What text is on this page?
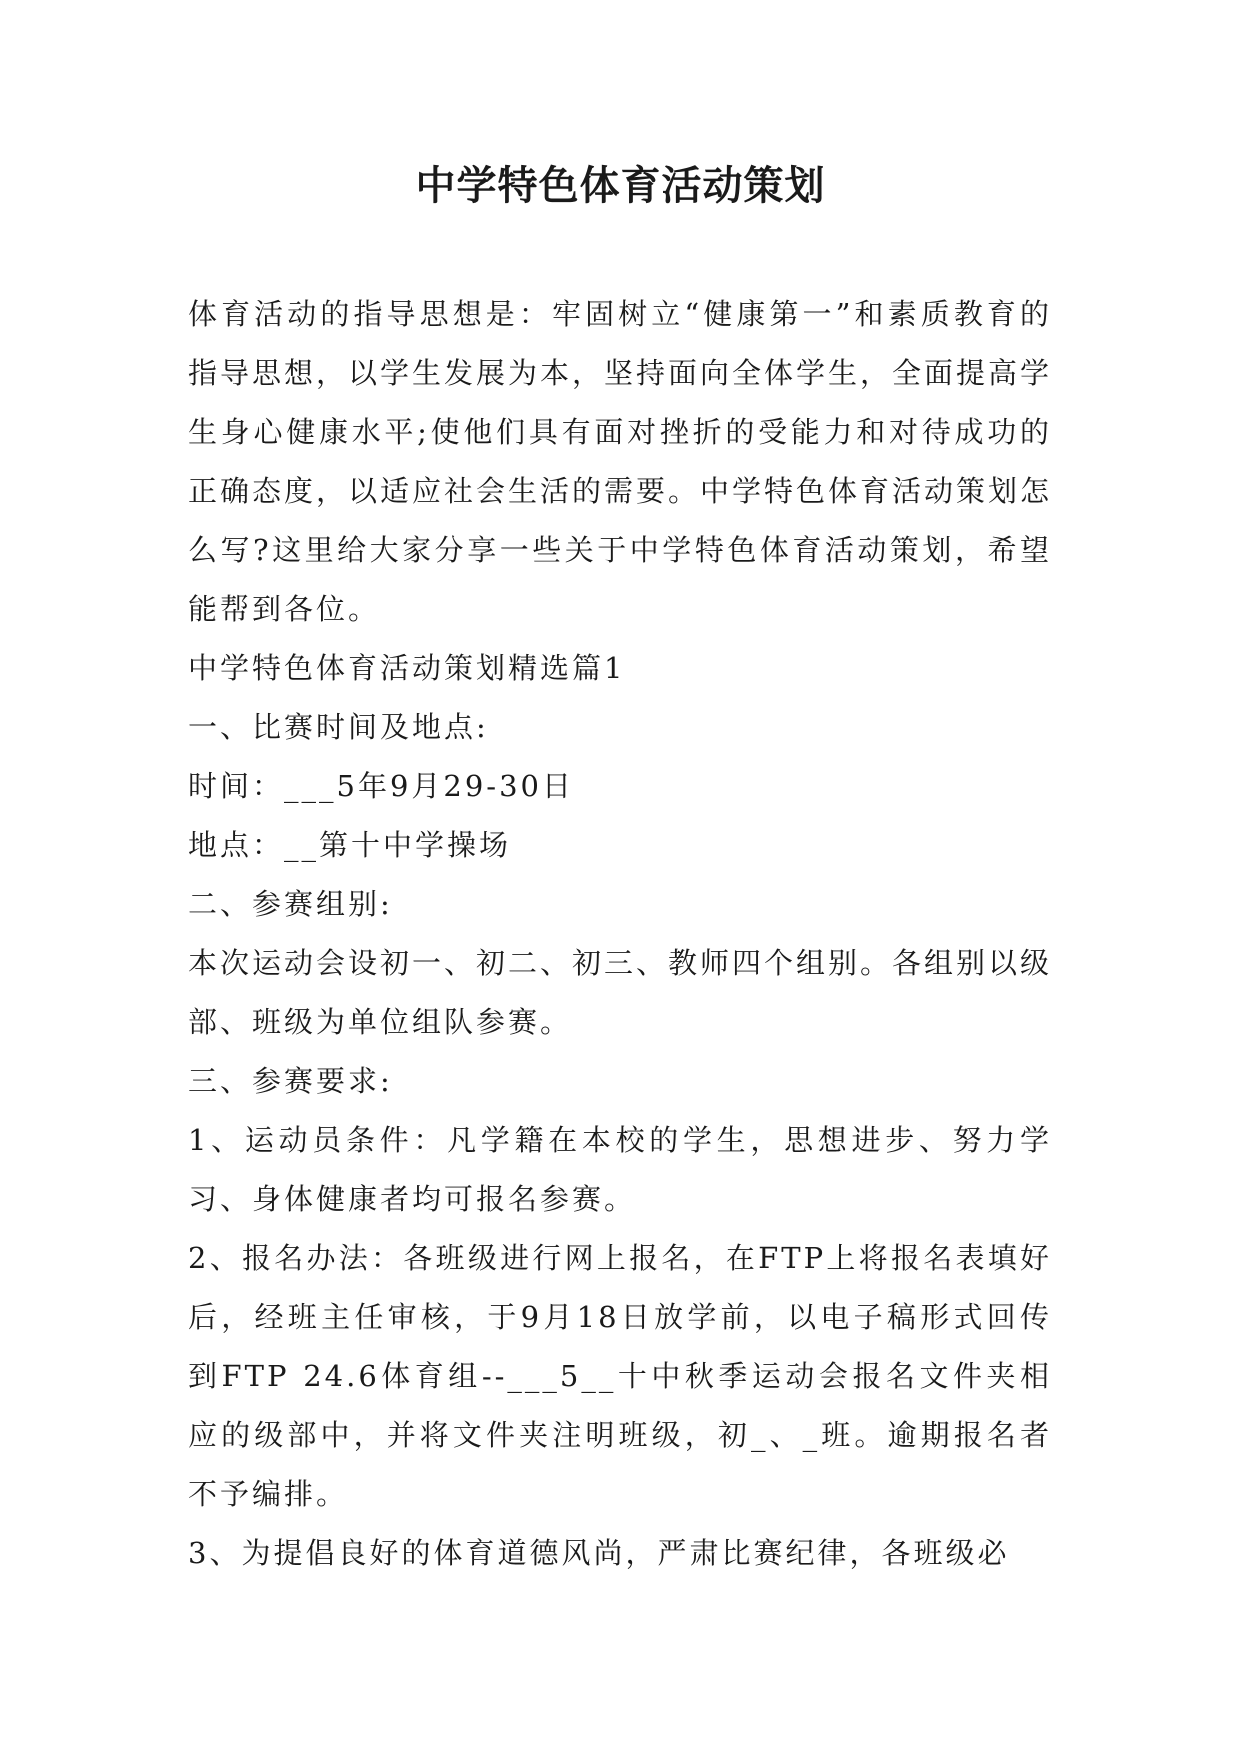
中学特色体育活动策划

体育活动的指导思想是：牢固树立“健康第一”和素质教育的指导思想，以学生发展为本，坚持面向全体学生，全面提高学生身心健康水平;使他们具有面对挫折的受能力和对待成功的正确态度，以适应社会生活的需要。中学特色体育活动策划怎么写?这里给大家分享一些关于中学特色体育活动策划，希望能帮到各位。

中学特色体育活动策划精选篇1

一、比赛时间及地点:

时间：___5年9月29-30日

地点：__第十中学操场

二、参赛组别:

本次运动会设初一、初二、初三、教师四个组别。各组别以级部、班级为单位组队参赛。

三、参赛要求:

1、运动员条件：凡学籍在本校的学生，思想进步、努力学习、身体健康者均可报名参赛。

2、报名办法：各班级进行网上报名，在FTP上将报名表填好后，经班主任审核，于9月18日放学前，以电子稿形式回传到FTP 24.6体育组--___5__十中秋季运动会报名文件夹相应的级部中，并将文件夹注明班级，初_、_班。逾期报名者不予编排。

3、为提倡良好的体育道德风尚，严肃比赛纪律，各班级必
